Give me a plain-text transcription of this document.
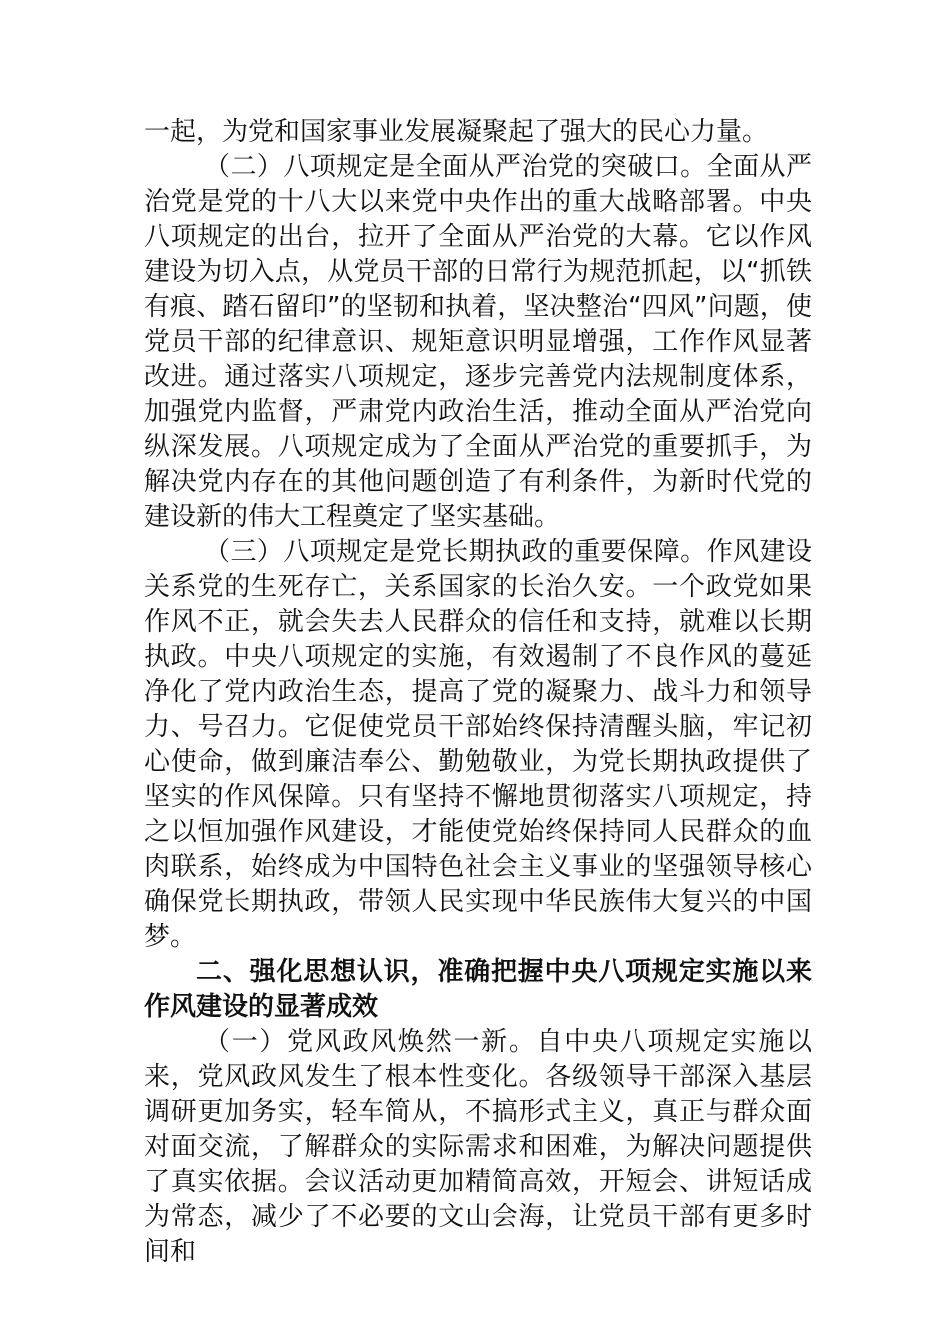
一起，为党和国家事业发展凝聚起了强大的民心力量。

（二）八项规定是全面从严治党的突破口。全面从严治党是党的十八大以来党中央作出的重大战略部署。中央八项规定的出台，拉开了全面从严治党的大幕。它以作风建设为切入点，从党员干部的日常行为规范抓起，以“抓铁有痕、踏石留印”的坚韧和执着，坚决整治“四风”问题，使党员干部的纪律意识、规矩意识明显增强，工作作风显著改进。通过落实八项规定，逐步完善党内法规制度体系，加强党内监督，严肃党内政治生活，推动全面从严治党向纵深发展。八项规定成为了全面从严治党的重要抓手，为解决党内存在的其他问题创造了有利条件，为新时代党的建设新的伟大工程奠定了坚实基础。

（三）八项规定是党长期执政的重要保障。作风建设关系党的生死存亡，关系国家的长治久安。一个政党如果作风不正，就会失去人民群众的信任和支持，就难以长期执政。中央八项规定的实施，有效遏制了不良作风的蔓延净化了党内政治生态，提高了党的凝聚力、战斗力和领导力、号召力。它促使党员干部始终保持清醒头脑，牢记初心使命，做到廉洁奉公、勤勉敬业，为党长期执政提供了坚实的作风保障。只有坚持不懈地贯彻落实八项规定，持之以恒加强作风建设，才能使党始终保持同人民群众的血肉联系，始终成为中国特色社会主义事业的坚强领导核心确保党长期执政，带领人民实现中华民族伟大复兴的中国梦。

二、强化思想认识，准确把握中央八项规定实施以来作风建设的显著成效

（一）党风政风焕然一新。自中央八项规定实施以来，党风政风发生了根本性变化。各级领导干部深入基层调研更加务实，轻车简从，不搞形式主义，真正与群众面对面交流，了解群众的实际需求和困难，为解决问题提供了真实依据。会议活动更加精简高效，开短会、讲短话成为常态，减少了不必要的文山会海，让党员干部有更多时间和
